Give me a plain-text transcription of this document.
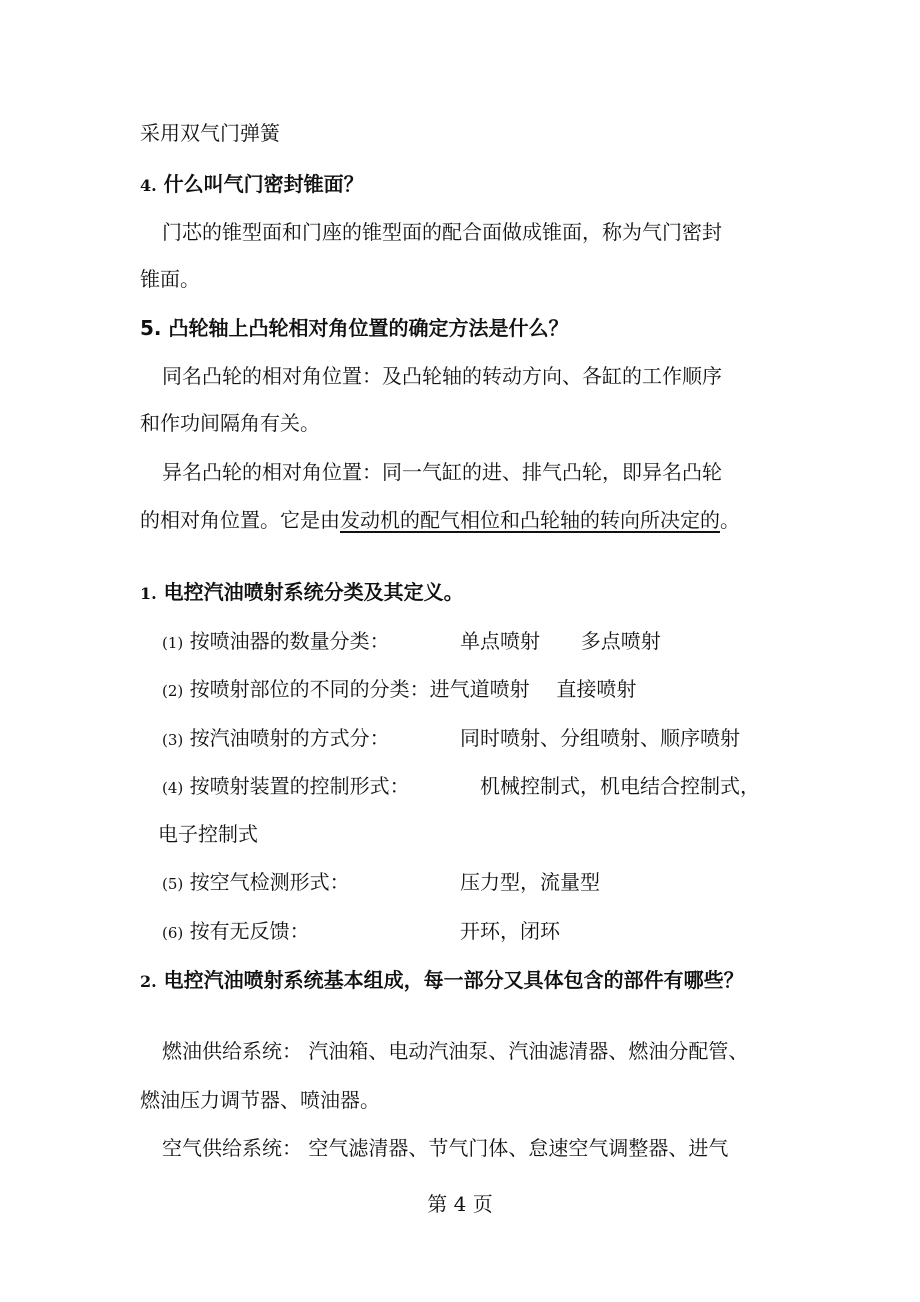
采用双气门弹簧
4. 什么叫气门密封锥面？
门芯的锥型面和门座的锥型面的配合面做成锥面，称为气门密封
锥面。
5. 凸轮轴上凸轮相对角位置的确定方法是什么？
同名凸轮的相对角位置：及凸轮轴的转动方向、各缸的工作顺序
和作功间隔角有关。
异名凸轮的相对角位置：同一气缸的进、排气凸轮，即异名凸轮
的相对角位置。它是由发动机的配气相位和凸轮轴的转向所决定的。
1. 电控汽油喷射系统分类及其定义。
(1) 按喷油器的数量分类：	单点喷射 多点喷射
(2) 按喷射部位的不同的分类：进气道喷射 直接喷射
(3) 按汽油喷射的方式分：	同时喷射、分组喷射、顺序喷射
(4) 按喷射装置的控制形式：	机械控制式，机电结合控制式，
电子控制式
(5) 按空气检测形式：	压力型，流量型
(6) 按有无反馈：	开环，闭环
2. 电控汽油喷射系统基本组成，每一部分又具体包含的部件有哪些？
燃油供给系统： 汽油箱、电动汽油泵、汽油滤清器、燃油分配管、
燃油压力调节器、喷油器。
空气供给系统： 空气滤清器、节气门体、怠速空气调整器、进气
第 4 页
